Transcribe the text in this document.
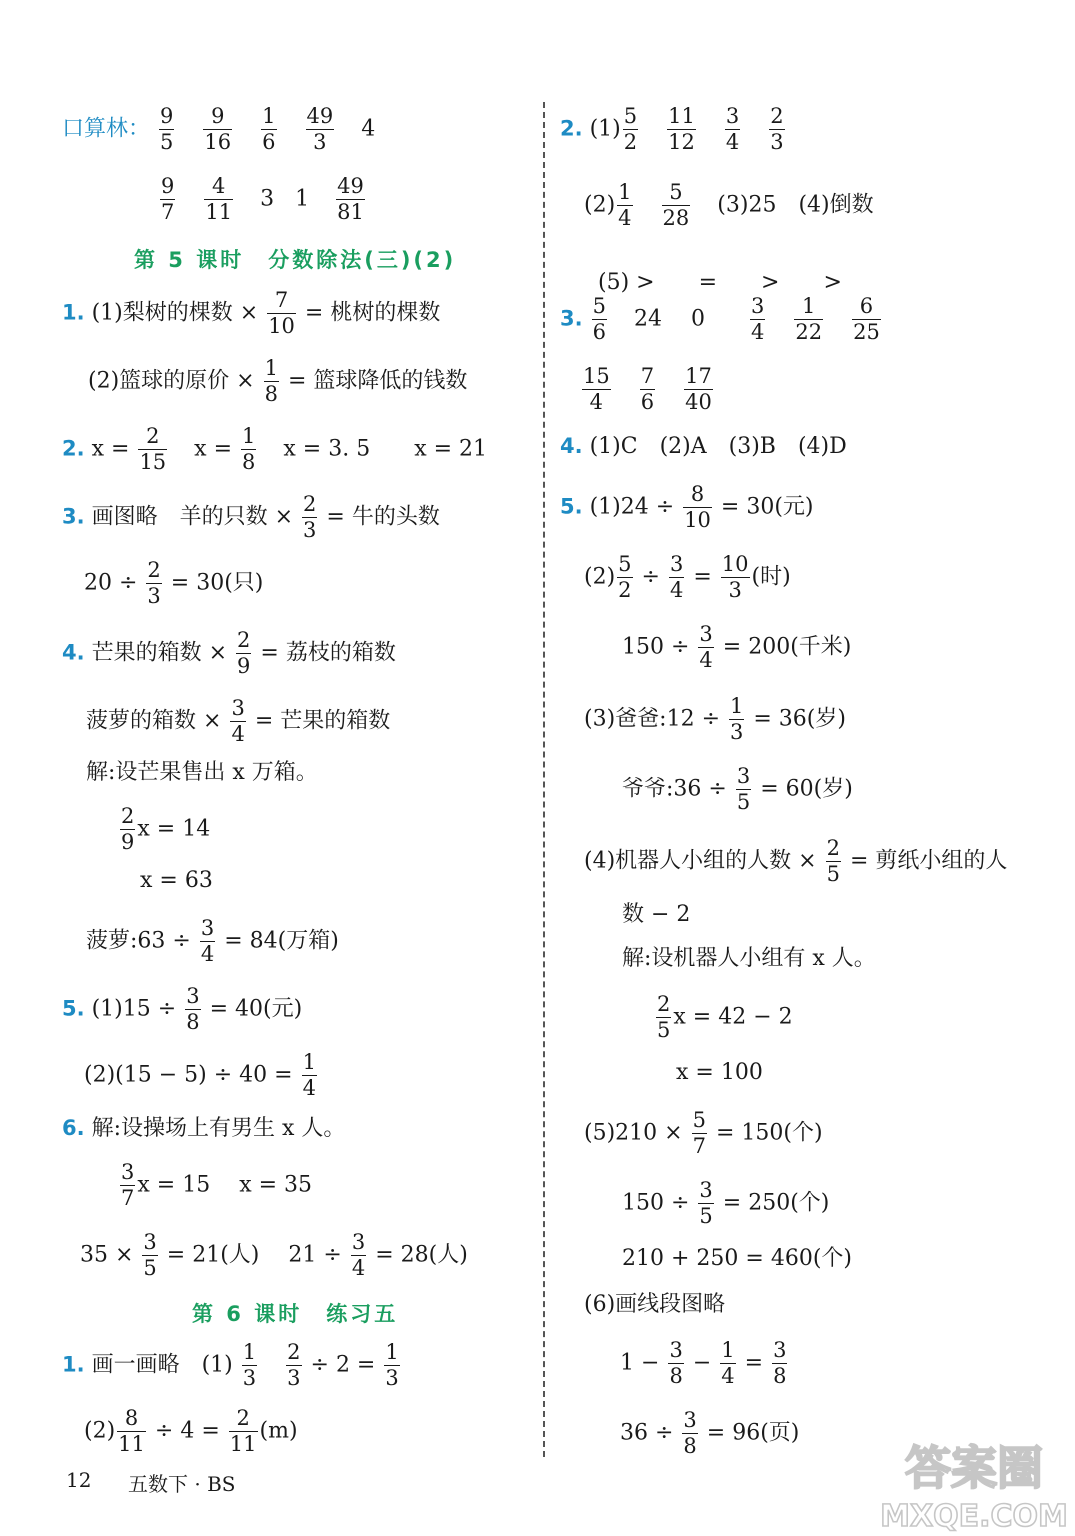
口算林： $\frac{9}{5}$
$\frac{9}{16}$
$\frac{1}{6}$
$\frac{49}{3} 4$
$\frac{9}{7}$
$\frac{4}{11} 3$   $1 \frac{49}{81}$
第 5 课时　分数除法(三)(2)
1. (1)梨树的棵数 × $\frac{7}{10}$ = 桃树的棵数
(2)篮球的原价 × $\frac{1}{8}$ = 篮球降低的钱数
2. $x = \frac{2}{15}$ $x = \frac{1}{8}$ x = 3. 5　　x = 21
3. 画图略　羊的只数 × $\frac{2}{3}$ = 牛的头数
$20 \div \frac{2}{3} = 30$(只)
4. 芒果的箱数 × $\frac{2}{9}$ = 荔枝的箱数
菠萝的箱数 × $\frac{3}{4}$ = 芒果的箱数
解:设芒果售出 x 万箱。
$\frac{2}{9}$ x = 14
x = 63
菠萝:63 ÷ $\frac{3}{4} = 84$(万箱)
5. $(1)15 \div \frac{3}{8} = 40$(元)
$(2)(15 - 5) \div 40 = \frac{1}{4}$
6. 解:设操场上有男生 x 人。
$\frac{3}{7}$ x = 15　 x = 35
$35 \times \frac{3}{5} = 21$(人)　 $21 \div \frac{3}{4} = 28$(人)
第 6 课时　练习五
1. 画一画略　$(1) \frac{1}{3}$
$\frac{2}{3} \div 2 = \frac{1}{3}$
$(2) \frac{8}{11} \div 4 = \frac{2}{11} (m)$
2. $(1) \frac{5}{2}$
$\frac{11}{12}$
$\frac{3}{4}$
$\frac{2}{3}$
$(2) \frac{1}{4}$
$\frac{5}{28} (3)25$　(4)倒数

(5) >　　=　　>　　>

3. $\frac{5}{6} 24$　 $0 \frac{3}{4}$
$\frac{1}{22}$
$\frac{6}{25}$
$\frac{15}{4}$
$\frac{7}{6}$
$\frac{17}{40}$
4. (1)C　(2)A　(3)B　(4)D
5. $(1)24 \div \frac{8}{10} = 30$(元)
$(2) \frac{5}{2} \div \frac{3}{4} = \frac{10}{3}$ (时)
$150 \div \frac{3}{4} = 200$(千米)
(3)爸爸:12 ÷ $\frac{1}{3} = 36$(岁)
爷爷:36 ÷ $\frac{3}{5} = 60$(岁)
(4)机器人小组的人数 × $\frac{2}{5}$ = 剪纸小组的人
数 − 2
解:设机器人小组有 x 人。
$\frac{2}{5}$ x = 42 − 2
x = 100
$(5)210 \times \frac{5}{7} = 150$(个)
$150 \div \frac{3}{5} = 250$(个)
210 + 250 = 460(个)
(6)画线段图略
$1 - \frac{3}{8} - \frac{1}{4} = \frac{3}{8}$
$36 \div \frac{3}{8} = 96$(页)
12 五数下 · BS	答案圈
MXQE.COM
